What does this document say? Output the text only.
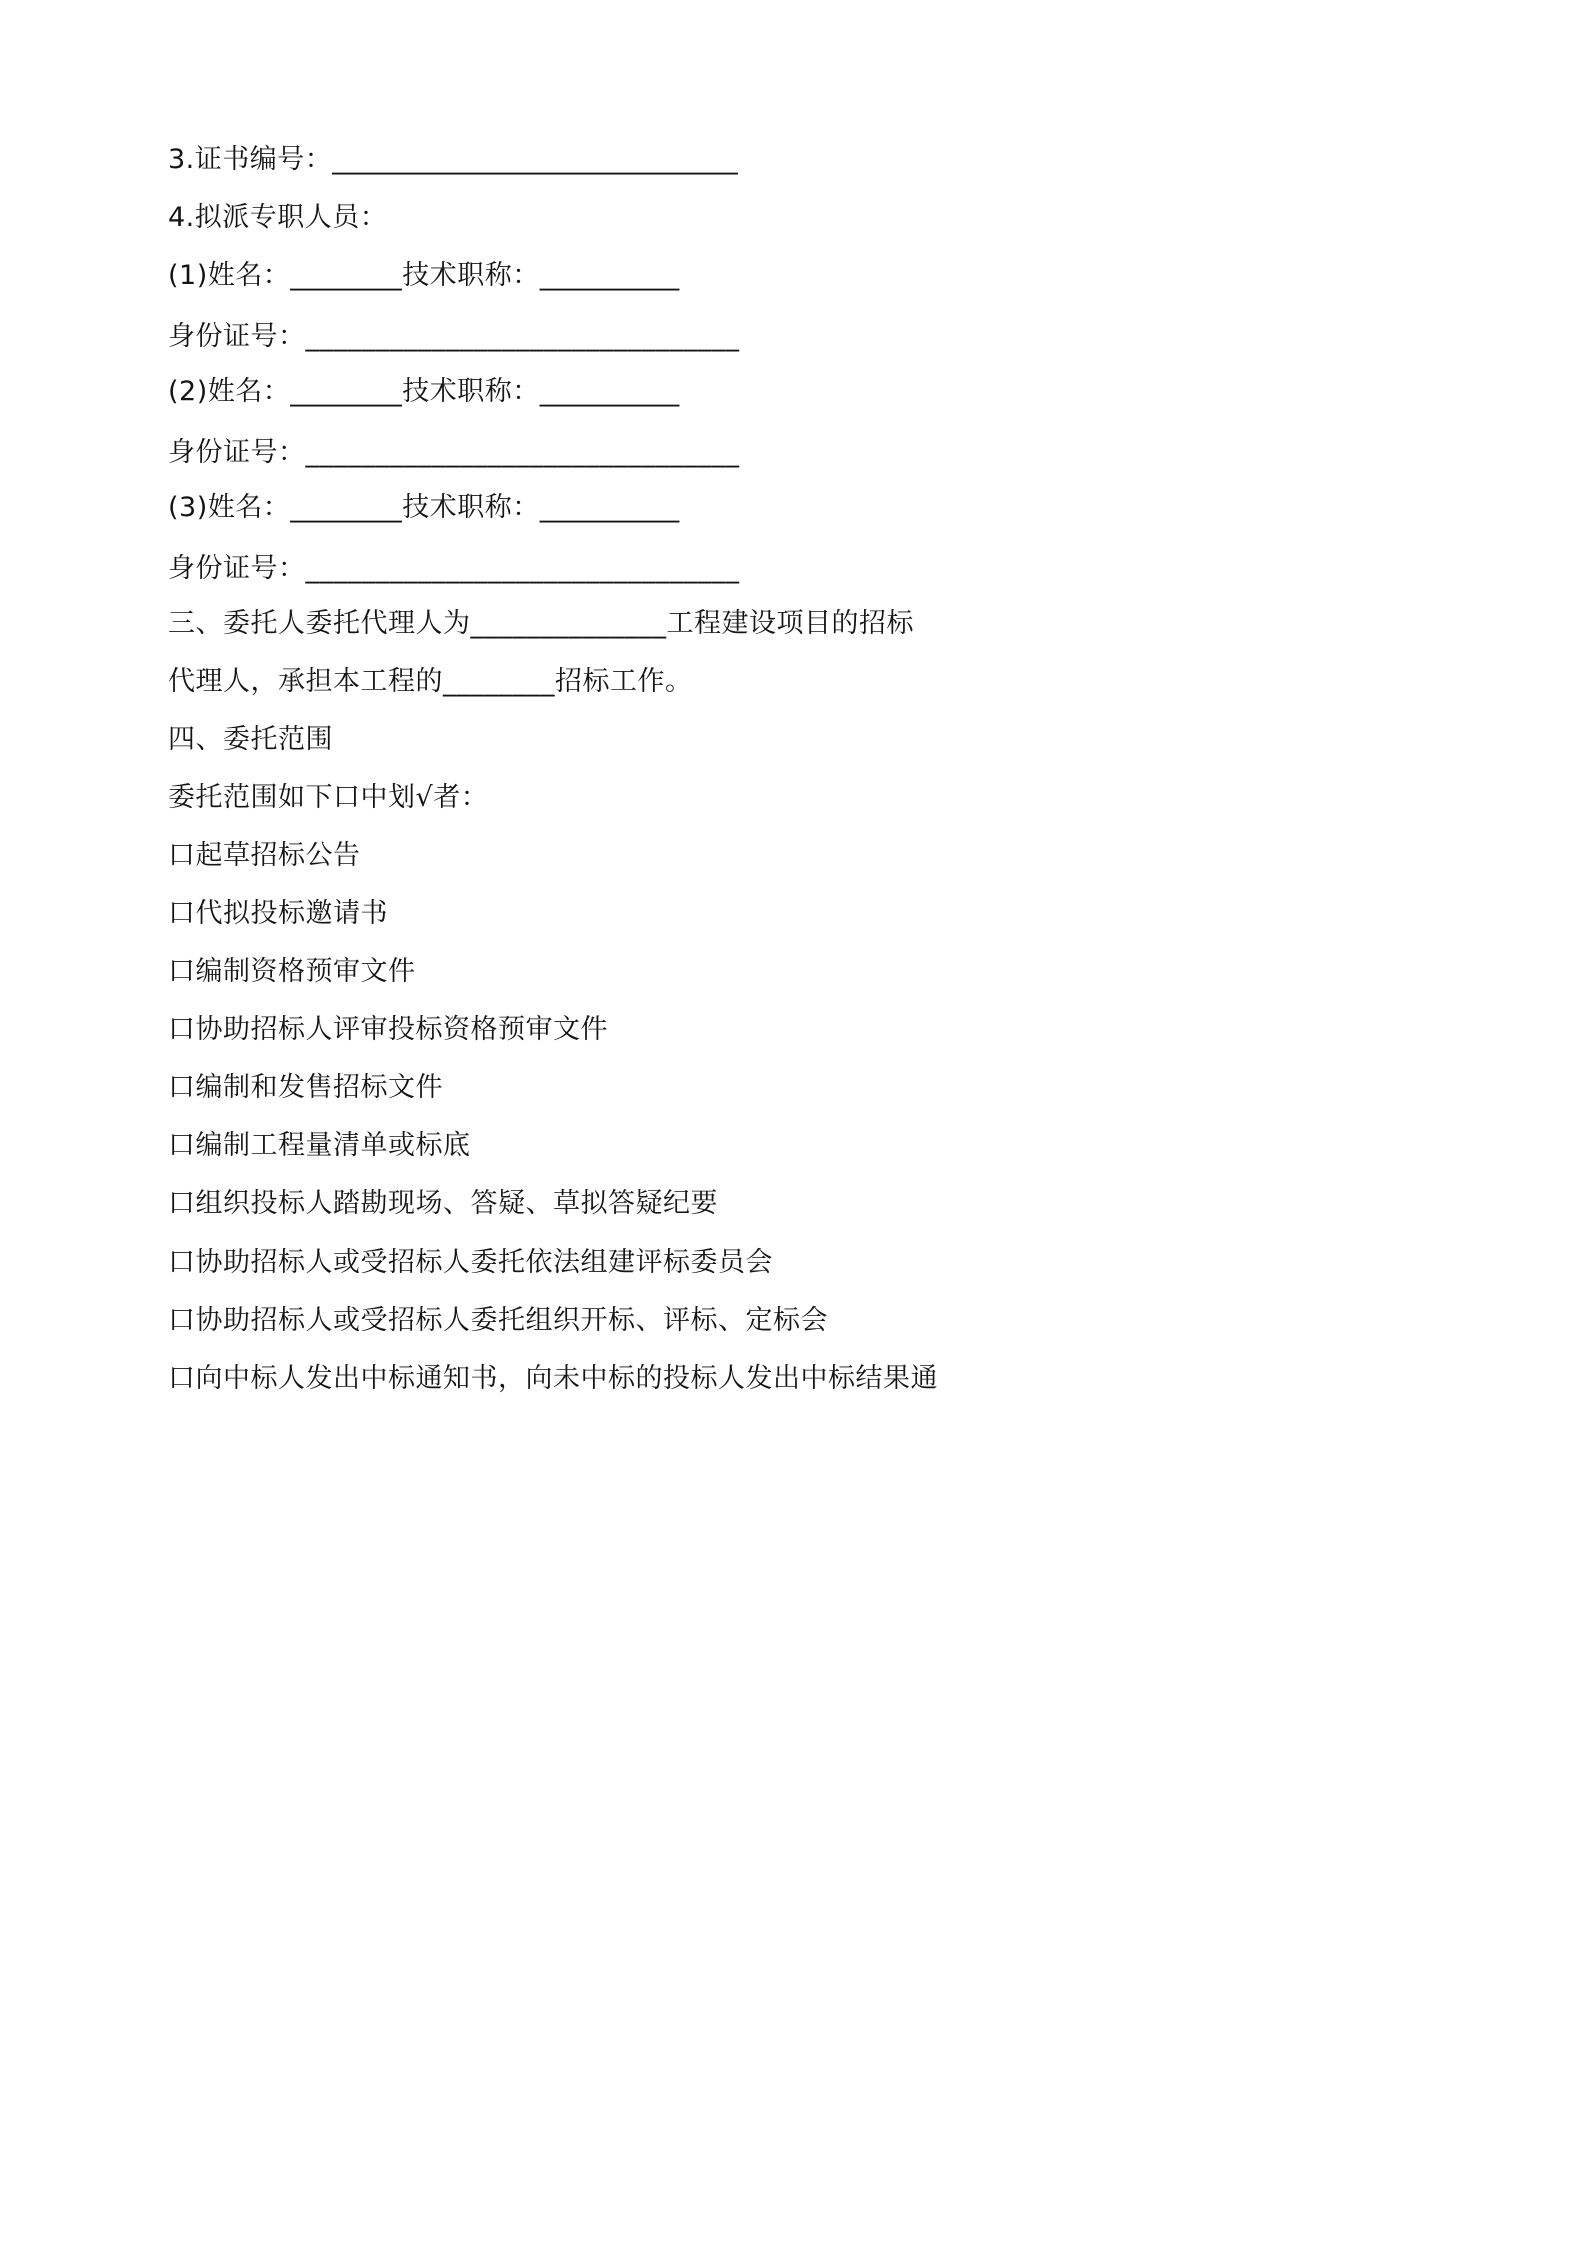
3.证书编号：_____________________________
4.拟派专职人员：
(1)姓名：________技术职称：__________
身份证号：_______________________________
(2)姓名：________技术职称：__________
身份证号：_______________________________
(3)姓名：________技术职称：__________
身份证号：_______________________________
三、委托人委托代理人为______________工程建设项目的招标
代理人，承担本工程的________招标工作。
四、委托范围
委托范围如下口中划√者：
口起草招标公告
口代拟投标邀请书
口编制资格预审文件
口协助招标人评审投标资格预审文件
口编制和发售招标文件
口编制工程量清单或标底
口组织投标人踏勘现场、答疑、草拟答疑纪要
口协助招标人或受招标人委托依法组建评标委员会
口协助招标人或受招标人委托组织开标、评标、定标会
口向中标人发出中标通知书，向未中标的投标人发出中标结果通
